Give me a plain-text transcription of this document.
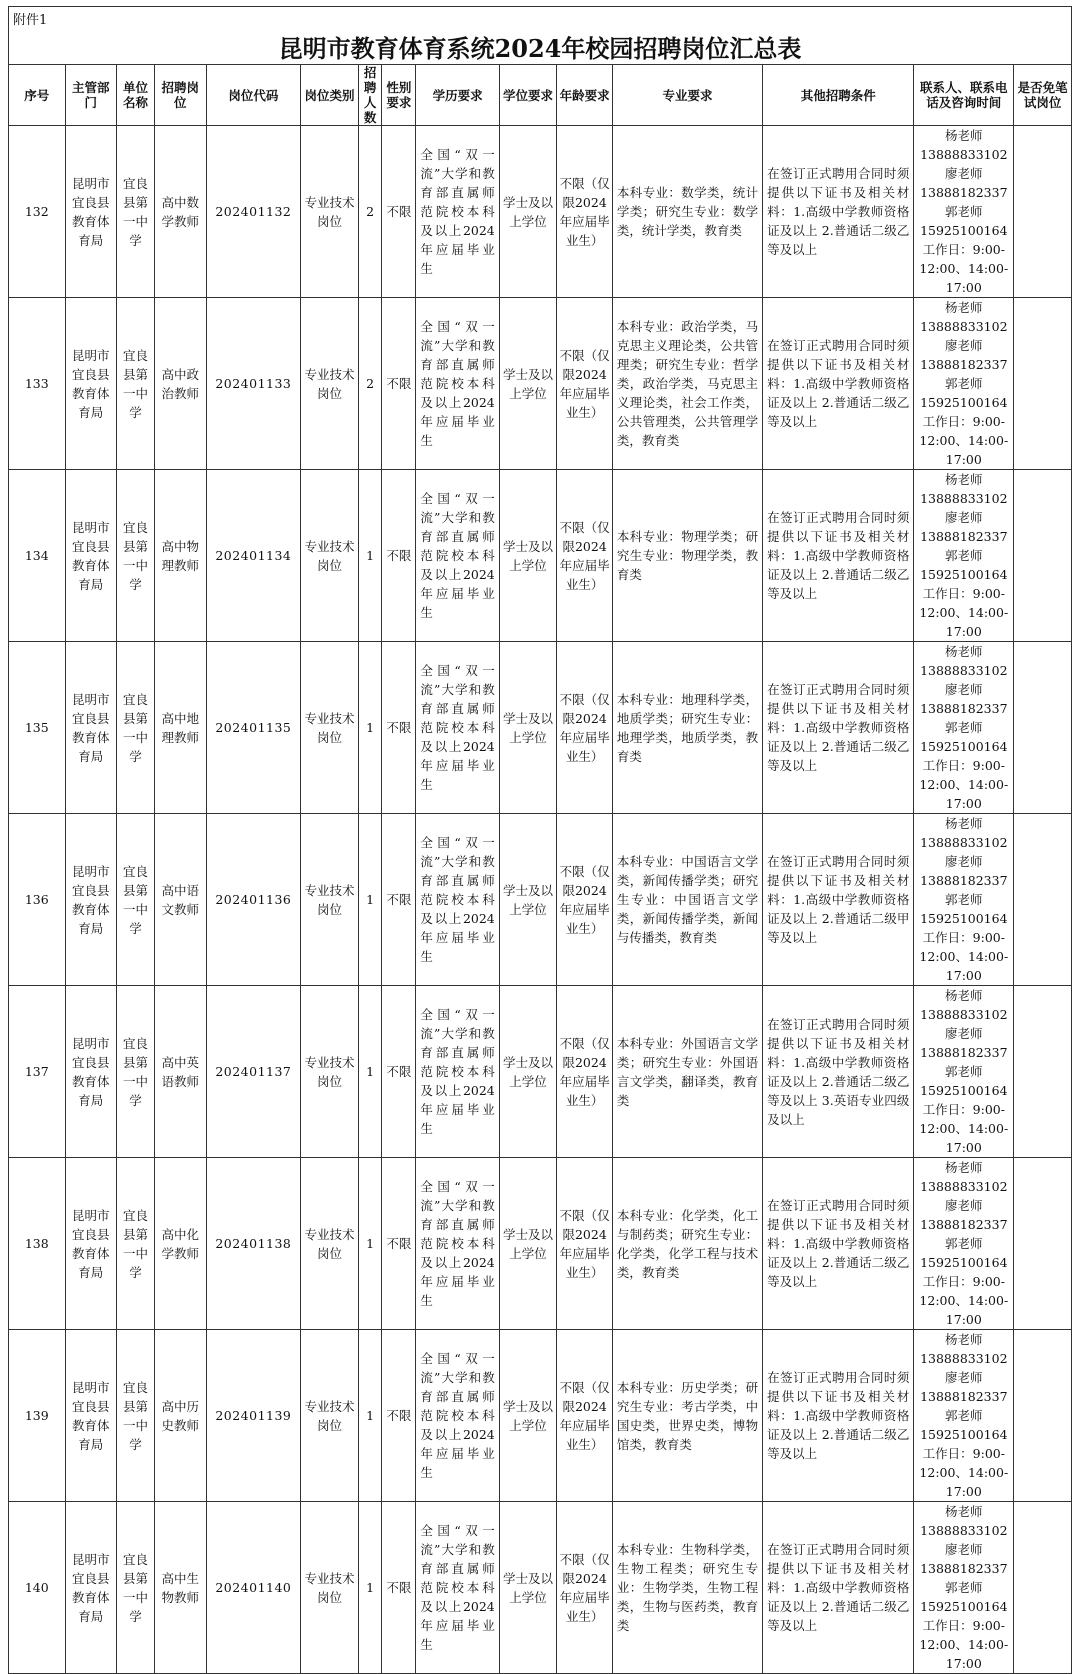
附件1														
昆明市教育体育系统2024年校园招聘岗位汇总表														
序号	主管部门	单位名称	招聘岗位	岗位代码	岗位类别	招聘人数	性别要求	学历要求	学位要求	年龄要求	专业要求	其他招聘条件	联系人、联系电话及咨询时间	是否免笔试岗位
132	昆明市宜良县教育体育局	宜良县第一中学	高中数学教师	202401132	专业技术岗位	2	不限	全国“双一流”大学和教育部直属师范院校本科及以上2024年应届毕业生	学士及以上学位	不限（仅限2024年应届毕业生）	本科专业：数学类，统计学类；研究生专业：数学类，统计学类，教育类	在签订正式聘用合同时须提供以下证书及相关材料：1.高级中学教师资格证及以上 2.普通话二级乙等及以上	杨老师 13888833102 廖老师 13888182337 郭老师 15925100164 工作日：9:00-12:00、14:00-17:00	
133	昆明市宜良县教育体育局	宜良县第一中学	高中政治教师	202401133	专业技术岗位	2	不限	全国“双一流”大学和教育部直属师范院校本科及以上2024年应届毕业生	学士及以上学位	不限（仅限2024年应届毕业生）	本科专业：政治学类，马克思主义理论类，公共管理类；研究生专业：哲学类，政治学类，马克思主义理论类，社会工作类，公共管理类，公共管理学类，教育类	在签订正式聘用合同时须提供以下证书及相关材料：1.高级中学教师资格证及以上 2.普通话二级乙等及以上	杨老师 13888833102 廖老师 13888182337 郭老师 15925100164 工作日：9:00-12:00、14:00-17:00	
134	昆明市宜良县教育体育局	宜良县第一中学	高中物理教师	202401134	专业技术岗位	1	不限	全国“双一流”大学和教育部直属师范院校本科及以上2024年应届毕业生	学士及以上学位	不限（仅限2024年应届毕业生）	本科专业：物理学类；研究生专业：物理学类，教育类	在签订正式聘用合同时须提供以下证书及相关材料：1.高级中学教师资格证及以上 2.普通话二级乙等及以上	杨老师 13888833102 廖老师 13888182337 郭老师 15925100164 工作日：9:00-12:00、14:00-17:00	
135	昆明市宜良县教育体育局	宜良县第一中学	高中地理教师	202401135	专业技术岗位	1	不限	全国“双一流”大学和教育部直属师范院校本科及以上2024年应届毕业生	学士及以上学位	不限（仅限2024年应届毕业生）	本科专业：地理科学类，地质学类；研究生专业：地理学类，地质学类，教育类	在签订正式聘用合同时须提供以下证书及相关材料：1.高级中学教师资格证及以上 2.普通话二级乙等及以上	杨老师 13888833102 廖老师 13888182337 郭老师 15925100164 工作日：9:00-12:00、14:00-17:00	
136	昆明市宜良县教育体育局	宜良县第一中学	高中语文教师	202401136	专业技术岗位	1	不限	全国“双一流”大学和教育部直属师范院校本科及以上2024年应届毕业生	学士及以上学位	不限（仅限2024年应届毕业生）	本科专业：中国语言文学类，新闻传播学类；研究生专业：中国语言文学类，新闻传播学类，新闻与传播类，教育类	在签订正式聘用合同时须提供以下证书及相关材料：1.高级中学教师资格证及以上 2.普通话二级甲等及以上	杨老师 13888833102 廖老师 13888182337 郭老师 15925100164 工作日：9:00-12:00、14:00-17:00	
137	昆明市宜良县教育体育局	宜良县第一中学	高中英语教师	202401137	专业技术岗位	1	不限	全国“双一流”大学和教育部直属师范院校本科及以上2024年应届毕业生	学士及以上学位	不限（仅限2024年应届毕业生）	本科专业：外国语言文学类；研究生专业：外国语言文学类，翻译类，教育类	在签订正式聘用合同时须提供以下证书及相关材料：1.高级中学教师资格证及以上 2.普通话二级乙等及以上 3.英语专业四级及以上	杨老师 13888833102 廖老师 13888182337 郭老师 15925100164 工作日：9:00-12:00、14:00-17:00	
138	昆明市宜良县教育体育局	宜良县第一中学	高中化学教师	202401138	专业技术岗位	1	不限	全国“双一流”大学和教育部直属师范院校本科及以上2024年应届毕业生	学士及以上学位	不限（仅限2024年应届毕业生）	本科专业：化学类，化工与制药类；研究生专业：化学类，化学工程与技术类，教育类	在签订正式聘用合同时须提供以下证书及相关材料：1.高级中学教师资格证及以上 2.普通话二级乙等及以上	杨老师 13888833102 廖老师 13888182337 郭老师 15925100164 工作日：9:00-12:00、14:00-17:00	
139	昆明市宜良县教育体育局	宜良县第一中学	高中历史教师	202401139	专业技术岗位	1	不限	全国“双一流”大学和教育部直属师范院校本科及以上2024年应届毕业生	学士及以上学位	不限（仅限2024年应届毕业生）	本科专业：历史学类；研究生专业：考古学类，中国史类，世界史类，博物馆类，教育类	在签订正式聘用合同时须提供以下证书及相关材料：1.高级中学教师资格证及以上 2.普通话二级乙等及以上	杨老师 13888833102 廖老师 13888182337 郭老师 15925100164 工作日：9:00-12:00、14:00-17:00	
140	昆明市宜良县教育体育局	宜良县第一中学	高中生物教师	202401140	专业技术岗位	1	不限	全国“双一流”大学和教育部直属师范院校本科及以上2024年应届毕业生	学士及以上学位	不限（仅限2024年应届毕业生）	本科专业：生物科学类，生物工程类；研究生专业：生物学类，生物工程类，生物与医药类，教育类	在签订正式聘用合同时须提供以下证书及相关材料：1.高级中学教师资格证及以上 2.普通话二级乙等及以上	杨老师 13888833102 廖老师 13888182337 郭老师 15925100164 工作日：9:00-12:00、14:00-17:00	
